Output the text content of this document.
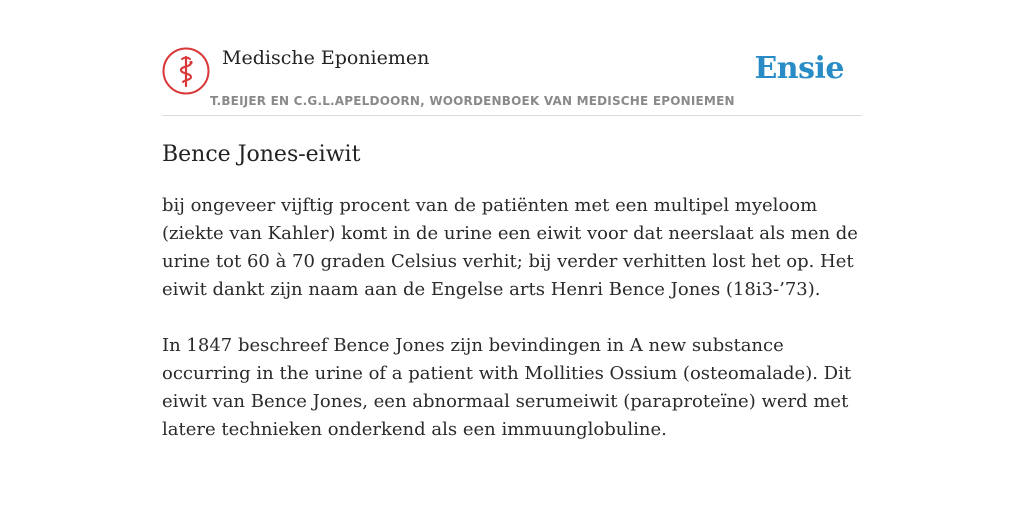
Medische Eponiemen
T.BEIJER EN C.G.L.APELDOORN, WOORDENBOEK VAN MEDISCHE EPONIEMEN
Ensie
Bence Jones-eiwit

bij ongeveer vijftig procent van de patiënten met een multipel myeloom (ziekte van Kahler) komt in de urine een eiwit voor dat neerslaat als men de urine tot 60 à 70 graden Celsius verhit; bij verder verhitten lost het op. Het eiwit dankt zijn naam aan de Engelse arts Henri Bence Jones (18i3-’73).

In 1847 beschreef Bence Jones zijn bevindingen in A new substance occurring in the urine of a patient with Mollities Ossium (osteomalade). Dit eiwit van Bence Jones, een abnormaal serumeiwit (paraproteïne) werd met latere technieken onderkend als een immuunglobuline.
